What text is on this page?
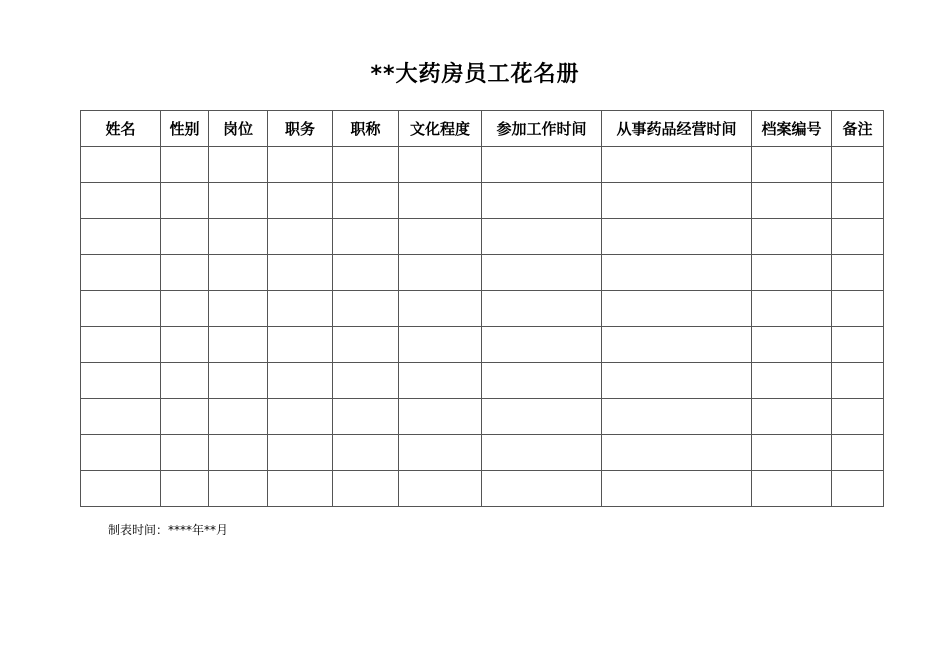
**大药房员工花名册
姓名	性别	岗位	职务	职称	文化程度	参加工作时间	从事药品经营时间	档案编号	备注

制表时间：****年**月
